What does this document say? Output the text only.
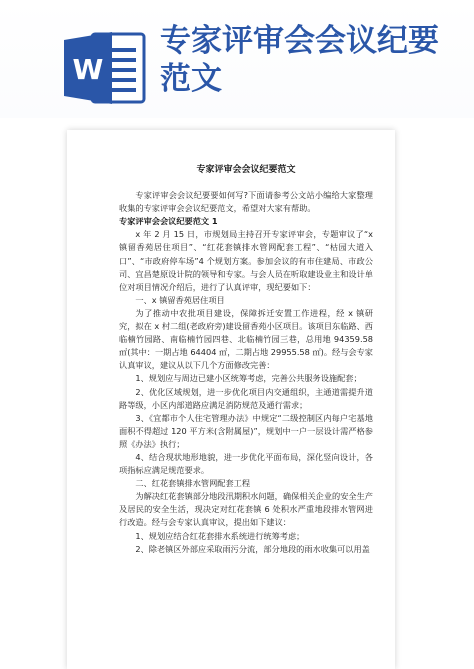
W
专家评审会会议纪要范文
专家评审会会议纪要范文

专家评审会会议纪要要如何写?下面请参考公文站小编给大家整理收集的专家评审会会议纪要范文，希望对大家有帮助。

专家评审会会议纪要范文 1

x 年 2 月 15 日，市规划局主持召开专家评审会，专题审议了“x 镇留香苑居住项目”、“红花套镇排水管网配套工程”、“枯园大道入口”、“市政府停车场”4 个规划方案。参加会议的有市住建局、市政公司、宜昌楚原设计院的领导和专家。与会人员在听取建设业主和设计单位对项目情况介绍后，进行了认真评审，现纪要如下：

一、x 镇留香苑居住项目

为了推动中农批项目建设，保障拆迁安置工作进程，经 x 镇研究，拟在 x 村二组(老政府旁)建设留香苑小区项目。该项目东临路、西临楠竹园路、南临楠竹园四巷、北临楠竹园三巷，总用地 94359.58 ㎡(其中：一期占地 64404 ㎡，二期占地 29955.58 ㎡)。经与会专家认真审议，建议从以下几个方面修改完善：

1、规划应与周边已建小区统筹考虑，完善公共服务设施配套；

2、优化区域规划，进一步优化项目内交通组织，主通道需提升道路等级，小区内部道路应满足消防规范及通行需求；

3、《宜都市个人住宅管理办法》中规定“二级控制区内每户宅基地面积不得超过 120 平方米(含附属屋)”，规划中一户一层设计需严格参照《办法》执行；

4、结合现状地形地貌，进一步优化平面布局，深化竖向设计，各项指标应满足规范要求。

二、红花套镇排水管网配套工程

为解决红花套镇部分地段汛期积水问题，确保相关企业的安全生产及居民的安全生活，现决定对红花套镇 6 处积水严重地段排水管网进行改造。经与会专家认真审议，提出如下建议：

1、规划应结合红花套排水系统进行统筹考虑；

2、除老镇区外部应采取雨污分流，部分地段的雨水收集可以用盖
